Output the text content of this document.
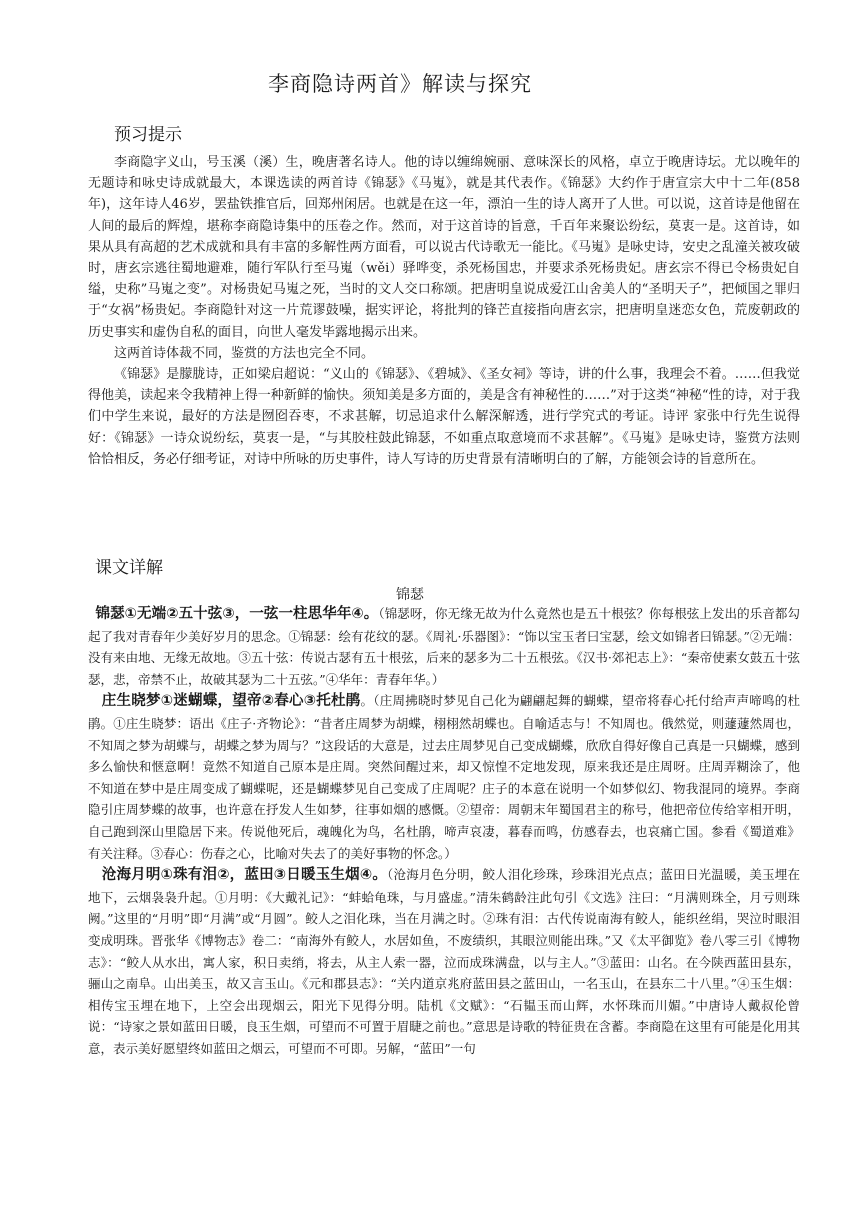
李商隐诗两首》解读与探究
预习提示

李商隐字义山，号玉溪（溪）生，晚唐著名诗人。他的诗以缠绵婉丽、意味深长的风格，卓立于晚唐诗坛。尤以晚年的无题诗和咏史诗成就最大，本课选读的两首诗《锦瑟》《马嵬》，就是其代表作。《锦瑟》大约作于唐宣宗大中十二年(858年)，这年诗人46岁，罢盐铁推官后，回郑州闲居。也就是在这一年，漂泊一生的诗人离开了人世。可以说，这首诗是他留在人间的最后的辉煌，堪称李商隐诗集中的压卷之作。然而，对于这首诗的旨意，千百年来聚讼纷纭，莫衷一是。这首诗，如果从具有高超的艺术成就和具有丰富的多解性两方面看，可以说古代诗歌无一能比。《马嵬》是咏史诗，安史之乱潼关被攻破时，唐玄宗逃往蜀地避难，随行军队行至马嵬（wěi）驿哗变，杀死杨国忠，并要求杀死杨贵妃。唐玄宗不得已令杨贵妃自缢，史称”马嵬之变”。对杨贵妃马嵬之死，当时的文人交口称颂。把唐明皇说成爱江山舍美人的“圣明天子”，把倾国之罪归于“女祸”杨贵妃。李商隐针对这一片荒谬鼓噪，据实评论，将批判的锋芒直接指向唐玄宗，把唐明皇迷恋女色，荒废朝政的历史事实和虚伪自私的面目，向世人毫发毕露地揭示出来。

这两首诗体裁不同，鉴赏的方法也完全不同。

《锦瑟》是朦胧诗，正如梁启超说：“义山的《锦瑟》、《碧城》、《圣女祠》等诗，讲的什么事，我理会不着。……但我觉得他美，读起来令我精神上得一种新鲜的愉快。须知美是多方面的，美是含有神秘性的……”对于这类“神秘“性的诗，对于我们中学生来说，最好的方法是囫囵吞枣，不求甚解，切忌追求什么解深解透，进行学究式的考证。诗评 家张中行先生说得好：《锦瑟》一诗众说纷纭，莫衷一是，“与其胶柱鼓此锦瑟，不如重点取意境而不求甚解”。《马嵬》是咏史诗，鉴赏方法则恰恰相反，务必仔细考证，对诗中所咏的历史事件，诗人写诗的历史背景有清晰明白的了解，方能领会诗的旨意所在。

课文详解
锦瑟

锦瑟①无端②五十弦③，一弦一柱思华年④。（锦瑟呀，你无缘无故为什么竟然也是五十根弦？你每根弦上发出的乐音都勾起了我对青春年少美好岁月的思念。①锦瑟：绘有花纹的瑟。《周礼·乐器图》：“饰以宝玉者曰宝瑟，绘文如锦者曰锦瑟。”②无端：没有来由地、无缘无故地。③五十弦：传说古瑟有五十根弦，后来的瑟多为二十五根弦。《汉书·郊祀志上》：“秦帝使素女鼓五十弦瑟，悲，帝禁不止，故破其瑟为二十五弦。”④华年：青春年华。）

庄生晓梦①迷蝴蝶，望帝②春心③托杜鹃。（庄周拂晓时梦见自己化为翩翩起舞的蝴蝶，望帝将春心托付给声声啼鸣的杜鹃。①庄生晓梦：语出《庄子·齐物论》：“昔者庄周梦为胡蝶，栩栩然胡蝶也。自喻适志与！不知周也。俄然觉，则蘧蘧然周也，不知周之梦为胡蝶与，胡蝶之梦为周与？”这段话的大意是，过去庄周梦见自己变成蝴蝶，欣欣自得好像自己真是一只蝴蝶，感到多么愉快和惬意啊！竟然不知道自己原本是庄周。突然间醒过来，却又惊惶不定地发现，原来我还是庄周呀。庄周弄糊涂了，他不知道在梦中是庄周变成了蝴蝶呢，还是蝴蝶梦见自己变成了庄周呢？庄子的本意在说明一个如梦似幻、物我混同的境界。李商隐引庄周梦蝶的故事，也许意在抒发人生如梦，往事如烟的感慨。②望帝：周朝末年蜀国君主的称号，他把帝位传给宰相开明，自己跑到深山里隐居下来。传说他死后，魂魄化为鸟，名杜鹃，啼声哀凄，暮春而鸣，仿感春去，也哀痛亡国。参看《蜀道难》有关注释。③春心：伤春之心，比喻对失去了的美好事物的怀念。）

沧海月明①珠有泪②，蓝田③日暖玉生烟④。（沧海月色分明，鲛人泪化珍珠，珍珠泪光点点；蓝田日光温暖，美玉埋在地下，云烟袅袅升起。①月明：《大戴礼记》：“蚌蛤龟珠，与月盛虚。”清朱鹤龄注此句引《文选》注曰：“月满则珠全，月亏则珠阙。”这里的“月明”即“月满”或“月圆”。鲛人之泪化珠，当在月满之时。②珠有泪：古代传说南海有鲛人，能织丝绢，哭泣时眼泪变成明珠。晋张华《博物志》卷二：“南海外有鲛人，水居如鱼，不废绩织，其眼泣则能出珠。”又《太平御览》卷八零三引《博物志》：“鲛人从水出，寓人家，积日卖绡，将去，从主人索一器，泣而成珠满盘，以与主人。”③蓝田：山名。在今陕西蓝田县东，骊山之南阜。山出美玉，故又言玉山。《元和郡县志》：“关内道京兆府蓝田县之蓝田山，一名玉山，在县东二十八里。”④玉生烟：相传宝玉埋在地下，上空会出现烟云，阳光下见得分明。陆机《文赋》：“石韫玉而山辉，水怀珠而川媚。”中唐诗人戴叔伦曾说：“诗家之景如蓝田日暖，良玉生烟，可望而不可置于眉睫之前也。”意思是诗歌的特征贵在含蓄。李商隐在这里有可能是化用其意，表示美好愿望终如蓝田之烟云，可望而不可即。另解，“蓝田”一句
